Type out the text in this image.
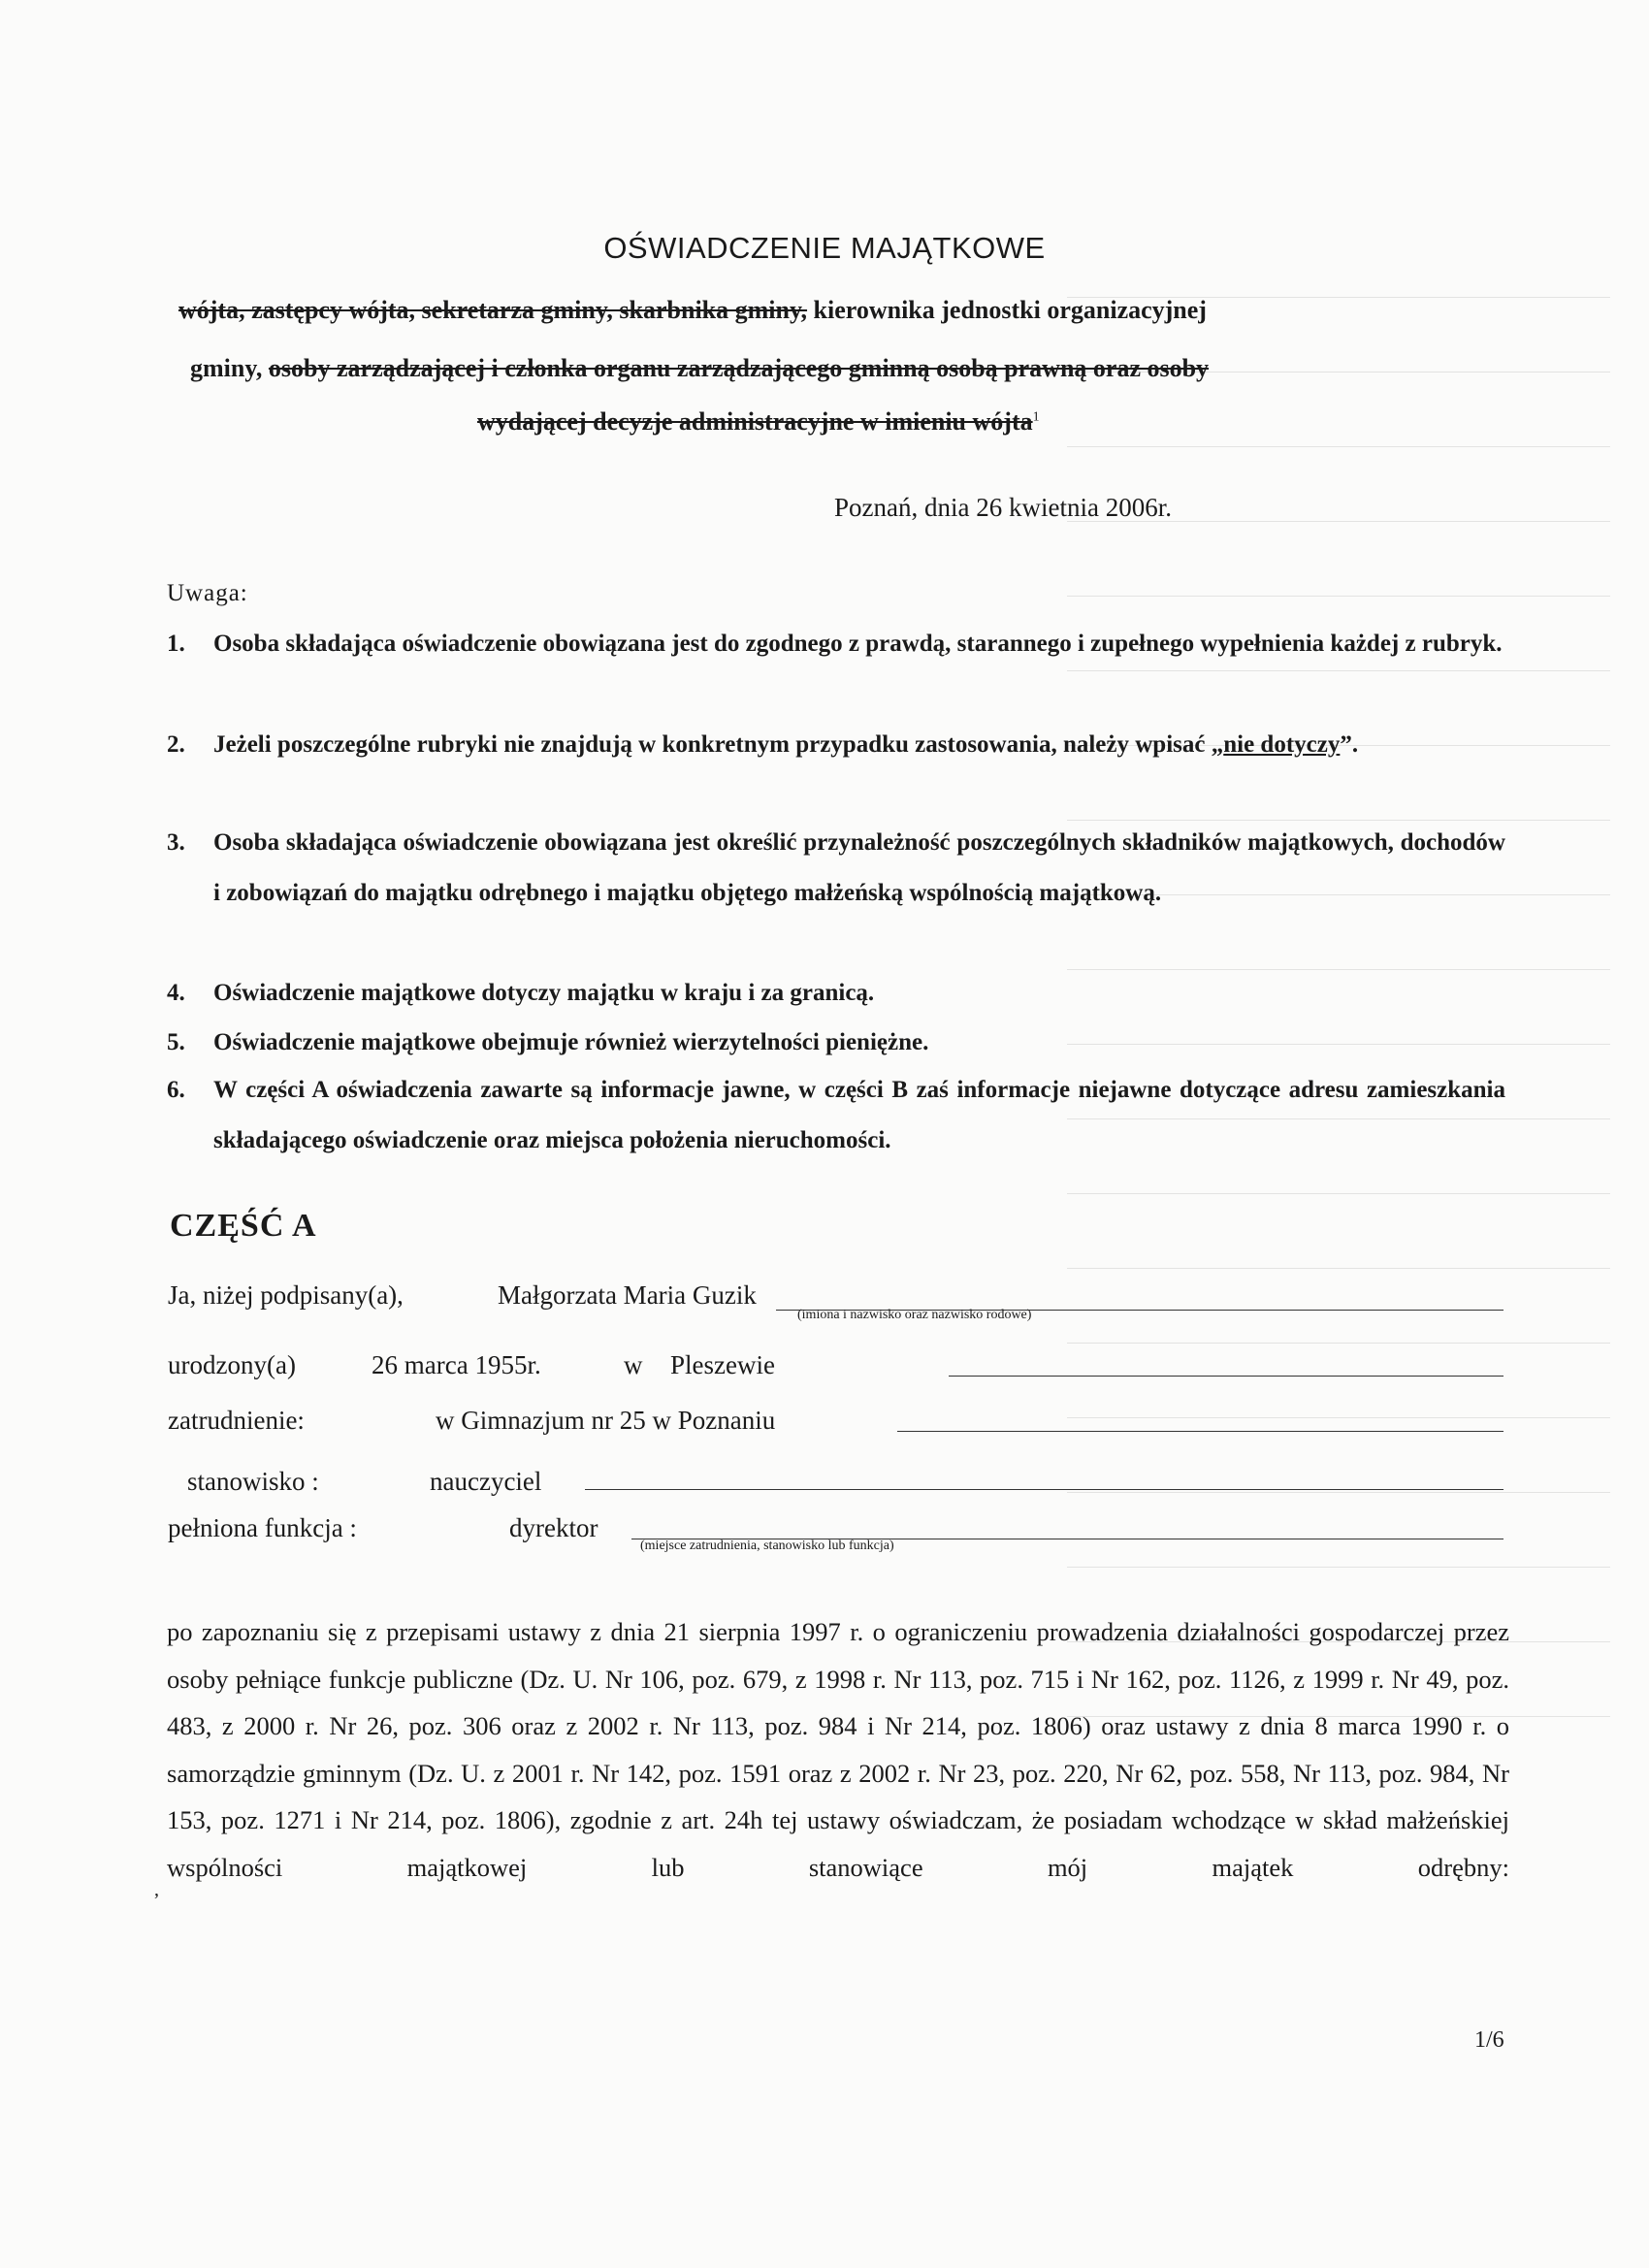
OŚWIADCZENIE MAJĄTKOWE
wójta, zastępcy wójta, sekretarza gminy, skarbnika gminy, kierownika jednostki organizacyjnej
gminy, osoby zarządzającej i członka organu zarządzającego gminną osobą prawną oraz osoby
wydającej decyzje administracyjne w imieniu wójta$^1$
Poznań, dnia 26 kwietnia 2006r.
Uwaga:
1.	Osoba składająca oświadczenie obowiązana jest do zgodnego z prawdą, starannego i zupełnego wypełnienia każdej z rubryk.
2.	Jeżeli poszczególne rubryki nie znajdują w konkretnym przypadku zastosowania, należy wpisać „nie dotyczy”.
3.	Osoba składająca oświadczenie obowiązana jest określić przynależność poszczególnych składników majątkowych, dochodów i zobowiązań do majątku odrębnego i majątku objętego małżeńską wspólnością majątkową.
4.	Oświadczenie majątkowe dotyczy majątku w kraju i za granicą.
5.	Oświadczenie majątkowe obejmuje również wierzytelności pieniężne.
6.	W części A oświadczenia zawarte są informacje jawne, w części B zaś informacje niejawne dotyczące adresu zamieszkania składającego oświadczenie oraz miejsca położenia nieruchomości.
CZĘŚĆ A
Ja, niżej podpisany(a),	Małgorzata Maria Guzik
(imiona i nazwisko oraz nazwisko rodowe)
urodzony(a)	26 marca 1955r.	w Pleszewie
zatrudnienie:	w Gimnazjum nr 25 w Poznaniu
stanowisko :	nauczyciel
pełniona funkcja :	dyrektor
(miejsce zatrudnienia, stanowisko lub funkcja)
’
po zapoznaniu się z przepisami ustawy z dnia 21 sierpnia 1997 r. o ograniczeniu prowadzenia działalności gospodarczej przez osoby pełniące funkcje publiczne (Dz. U. Nr 106, poz. 679, z 1998 r. Nr 113, poz. 715 i Nr 162, poz. 1126, z 1999 r. Nr 49, poz. 483, z 2000 r. Nr 26, poz. 306 oraz z 2002 r. Nr 113, poz. 984 i Nr 214, poz. 1806) oraz ustawy z dnia 8 marca 1990 r. o samorządzie gminnym (Dz. U. z 2001 r. Nr 142, poz. 1591 oraz z 2002 r. Nr 23, poz. 220, Nr 62, poz. 558, Nr 113, poz. 984, Nr 153, poz. 1271 i Nr 214, poz. 1806), zgodnie z art. 24h tej ustawy oświadczam, że posiadam wchodzące w skład małżeńskiej wspólności majątkowej lub stanowiące mój majątek odrębny:
1/6
